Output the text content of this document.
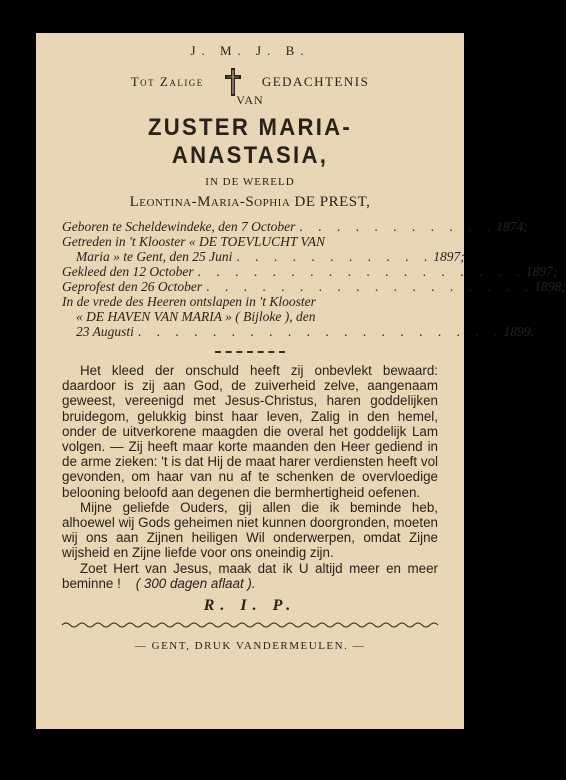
J. M. J. B.
Tot Zalige	GEDACHTENIS
VAN
ZUSTER MARIA-ANASTASIA,
IN DE WERELD
Leontina-Maria-Sophia DE PREST,
Geboren te Scheldewindeke, den 7 October . . . . . . . . . . . 1874;
Getreden in 't Klooster « DE TOEVLUCHT VAN
Maria » te Gent, den 25 Juni . . . . . . . . . . . 1897;
Gekleed den 12 October . . . . . . . . . . . . . . . . . . 1897;
Geprofest den 26 October . . . . . . . . . . . . . . . . . . 1898;
In de vrede des Heeren ontslapen in 't Klooster
« DE HAVEN VAN MARIA » ( Bijloke ), den
23 Augusti . . . . . . . . . . . . . . . . . . . . 1899.

Het kleed der onschuld heeft zij onbevlekt bewaard: daardoor is zij aan God, de zuiverheid zelve, aangenaam geweest, vereenigd met Jesus-Christus, haren goddelijken bruidegom, gelukkig binst haar leven, Zalig in den hemel, onder de uitverkorene maagden die overal het goddelijk Lam volgen. — Zij heeft maar korte maanden den Heer gediend in de arme zieken: 't is dat Hij de maat harer verdiensten heeft vol gevonden, om haar van nu af te schenken de overvloedige belooning beloofd aan degenen die bermhertigheid oefenen.

Mijne geliefde Ouders, gij allen die ik beminde heb, alhoewel wij Gods geheimen niet kunnen doorgronden, moeten wij ons aan Zijnen heiligen Wil onderwerpen, omdat Zijne wijsheid en Zijne liefde voor ons oneindig zijn.

Zoet Hert van Jesus, maak dat ik U altijd meer en meer beminne ! ( 300 dagen aflaat ).

R. I. P.
— GENT, DRUK VANDERMEULEN. —
